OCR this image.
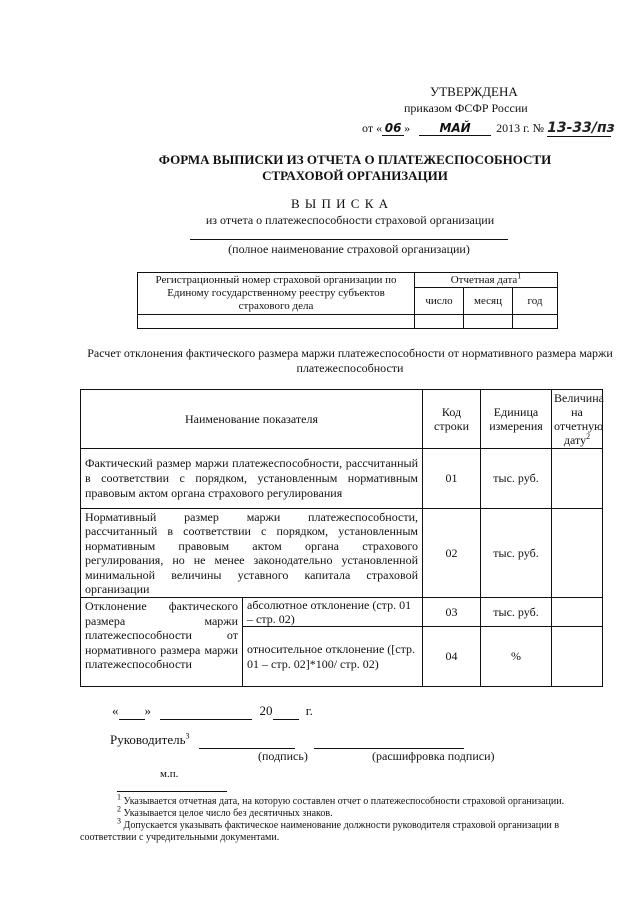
УТВЕРЖДЕНА
приказом ФСФР России
от « 06 » МАЙ 2013 г. № 13-33/пз
ФОРМА ВЫПИСКИ ИЗ ОТЧЕТА О ПЛАТЕЖЕСПОСОБНОСТИ СТРАХОВОЙ ОРГАНИЗАЦИИ
В Ы П И С К А
из отчета о платежеспособности страховой организации
(полное наименование страховой организации)
Регистрационный номер страховой организации по Единому государственному реестру субъектов страхового дела	Отчетная дата$^1$
	число	месяц	год

Расчет отклонения фактического размера маржи платежеспособности от нормативного размера маржи платежеспособности
Наименование показателя		Код строки	Единица измерения	Величина на отчетную дату$^2$
Фактический размер маржи платежеспособности, рассчитанный в соответствии с порядком, установленным нормативным правовым актом органа страхового регулирования		01	тыс. руб.	
Нормативный размер маржи платежеспособности, рассчитанный в соответствии с порядком, установленным нормативным правовым актом органа страхового регулирования, но не менее законодательно установленной минимальной величины уставного капитала страховой организации		02	тыс. руб.	
Отклонение фактического размера маржи платежеспособности от нормативного размера маржи платежеспособности	абсолютное отклонение (стр. 01 – стр. 02)	03	тыс. руб.	
	относительное отклонение ([стр. 01 – стр. 02]*100/ стр. 02)	04	%	
« »	20	г.
Руководитель$^3$
(подпись)	(расшифровка подписи)
м.п.
$^1$ Указывается отчетная дата, на которую составлен отчет о платежеспособности страховой организации.
$^2$ Указывается целое число без десятичных знаков.
$^3$ Допускается указывать фактическое наименование должности руководителя страховой организации в соответствии с учредительными документами.
